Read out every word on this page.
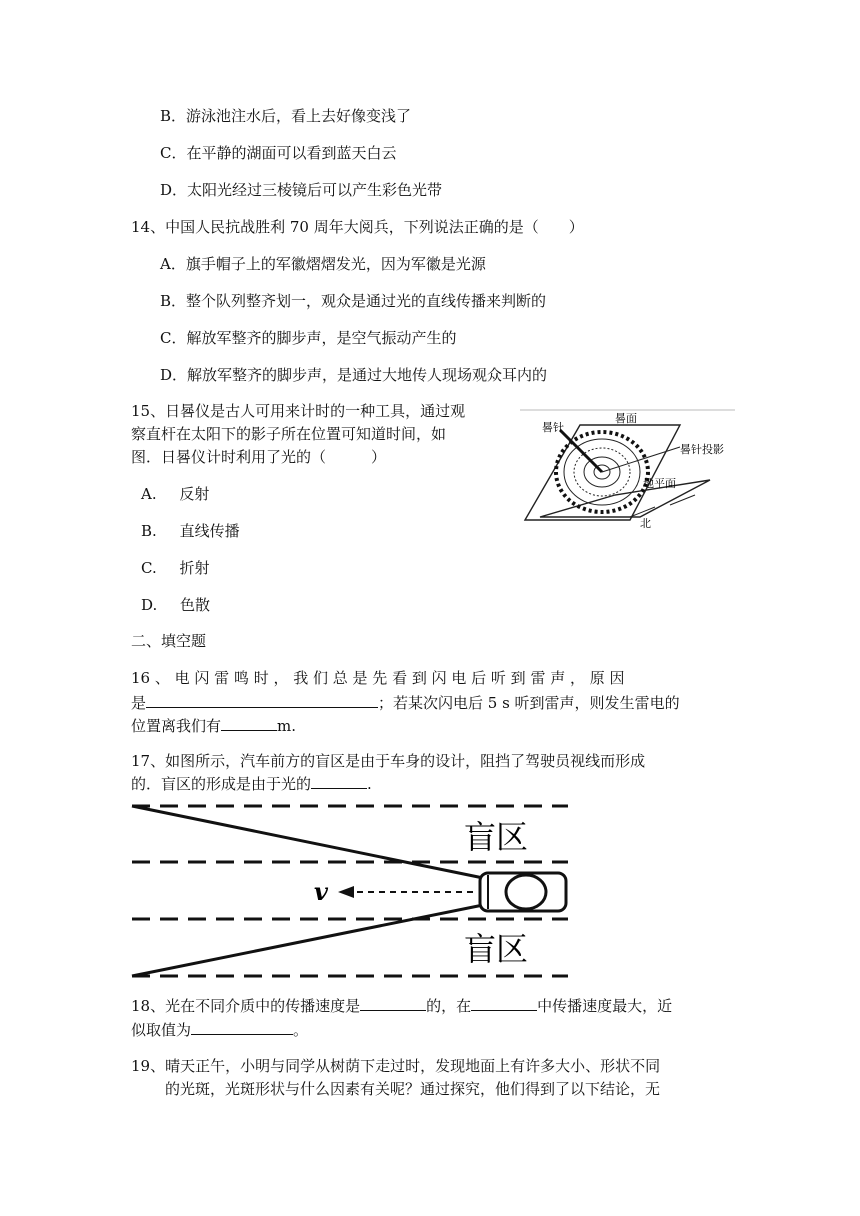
B．游泳池注水后，看上去好像变浅了
C．在平静的湖面可以看到蓝天白云
D．太阳光经过三棱镜后可以产生彩色光带
14、中国人民抗战胜利 70 周年大阅兵，下列说法正确的是（　　）
A．旗手帽子上的军徽熠熠发光，因为军徽是光源
B．整个队列整齐划一，观众是通过光的直线传播来判断的
C．解放军整齐的脚步声，是空气振动产生的
D．解放军整齐的脚步声，是通过大地传人现场观众耳内的
15、日晷仪是古人可用来计时的一种工具，通过观
察直杆在太阳下的影子所在位置可知道时间，如
图．日晷仪计时利用了光的（　　　）
A. 反射
B. 直线传播
C. 折射
D. 色散
晷针
晷面
晷针投影
地平面
北
二、填空题
16 、 电 闪 雷 鸣 时 ， 我 们 总 是 先 看 到 闪 电 后 听 到 雷 声 ， 原 因
是	；若某次闪电后 5 s 听到雷声，则发生雷电的
位置离我们有	m.
17、如图所示，汽车前方的盲区是由于车身的设计，阻挡了驾驶员视线而形成
的．盲区的形成是由于光的	.
v
盲区
盲区
18、光在不同介质中的传播速度是	的，在	中传播速度最大，近
似取值为	。
19、晴天正午，小明与同学从树荫下走过时，发现地面上有许多大小、形状不同
的光斑，光斑形状与什么因素有关呢？通过探究，他们得到了以下结论，无
